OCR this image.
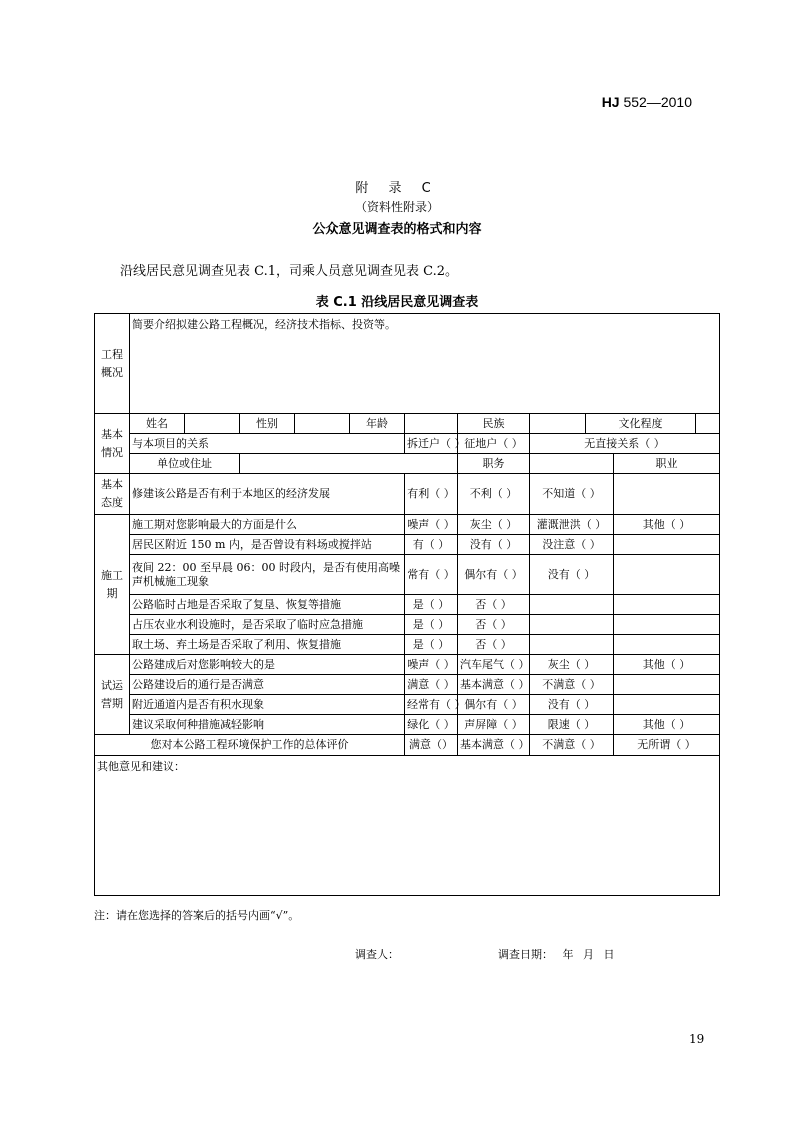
HJ 552—2010
附 录 C
（资料性附录）
公众意见调查表的格式和内容
沿线居民意见调查见表 C.1，司乘人员意见调查见表 C.2。
表 C.1 沿线居民意见调查表
工程概况	简要介绍拟建公路工程概况，经济技术指标、投资等。											
基本情况	姓名		性别		年龄		民族		文化程度			
	与本项目的关系					拆迁户（ ）	征地户（ ）	无直接关系（ ）				
	单位或住址						职务			职业		
基本态度	修建该公路是否有利于本地区的经济发展					有利（ ）	不利（ ）	不知道（ ）				
施工期	施工期对您影响最大的方面是什么					噪声（ ）	灰尘（ ）	灌溉泄洪（ ）		其他（ ）		
	居民区附近 150 m 内，是否曾设有料场或搅拌站					有（ ）	没有（ ）	没注意（ ）				
	夜间 22：00 至早晨 06：00 时段内，是否有使用高噪声机械施工现象					常有（ ）	偶尔有（ ）	没有（ ）				
	公路临时占地是否采取了复垦、恢复等措施					是（ ）	否（ ）					
	占压农业水利设施时，是否采取了临时应急措施					是（ ）	否（ ）					
	取土场、弃土场是否采取了利用、恢复措施					是（ ）	否（ ）					
试运营期	公路建成后对您影响较大的是					噪声（ ）	汽车尾气（ ）	灰尘（ ）		其他（ ）		
	公路建设后的通行是否满意					满意（ ）	基本满意（ ）	不满意（ ）				
	附近通道内是否有积水现象					经常有（ ）	偶尔有（ ）	没有（ ）				
	建议采取何种措施减轻影响					绿化（ ）	声屏障（ ）	限速（ ）		其他（ ）		
您对本公路工程环境保护工作的总体评价						满意（）	基本满意（ ）	不满意（ ）		无所谓（ ）		
其他意见和建议：												
注：请在您选择的答案后的括号内画“√”。
调查人：	调查日期： 年 月 日
19
